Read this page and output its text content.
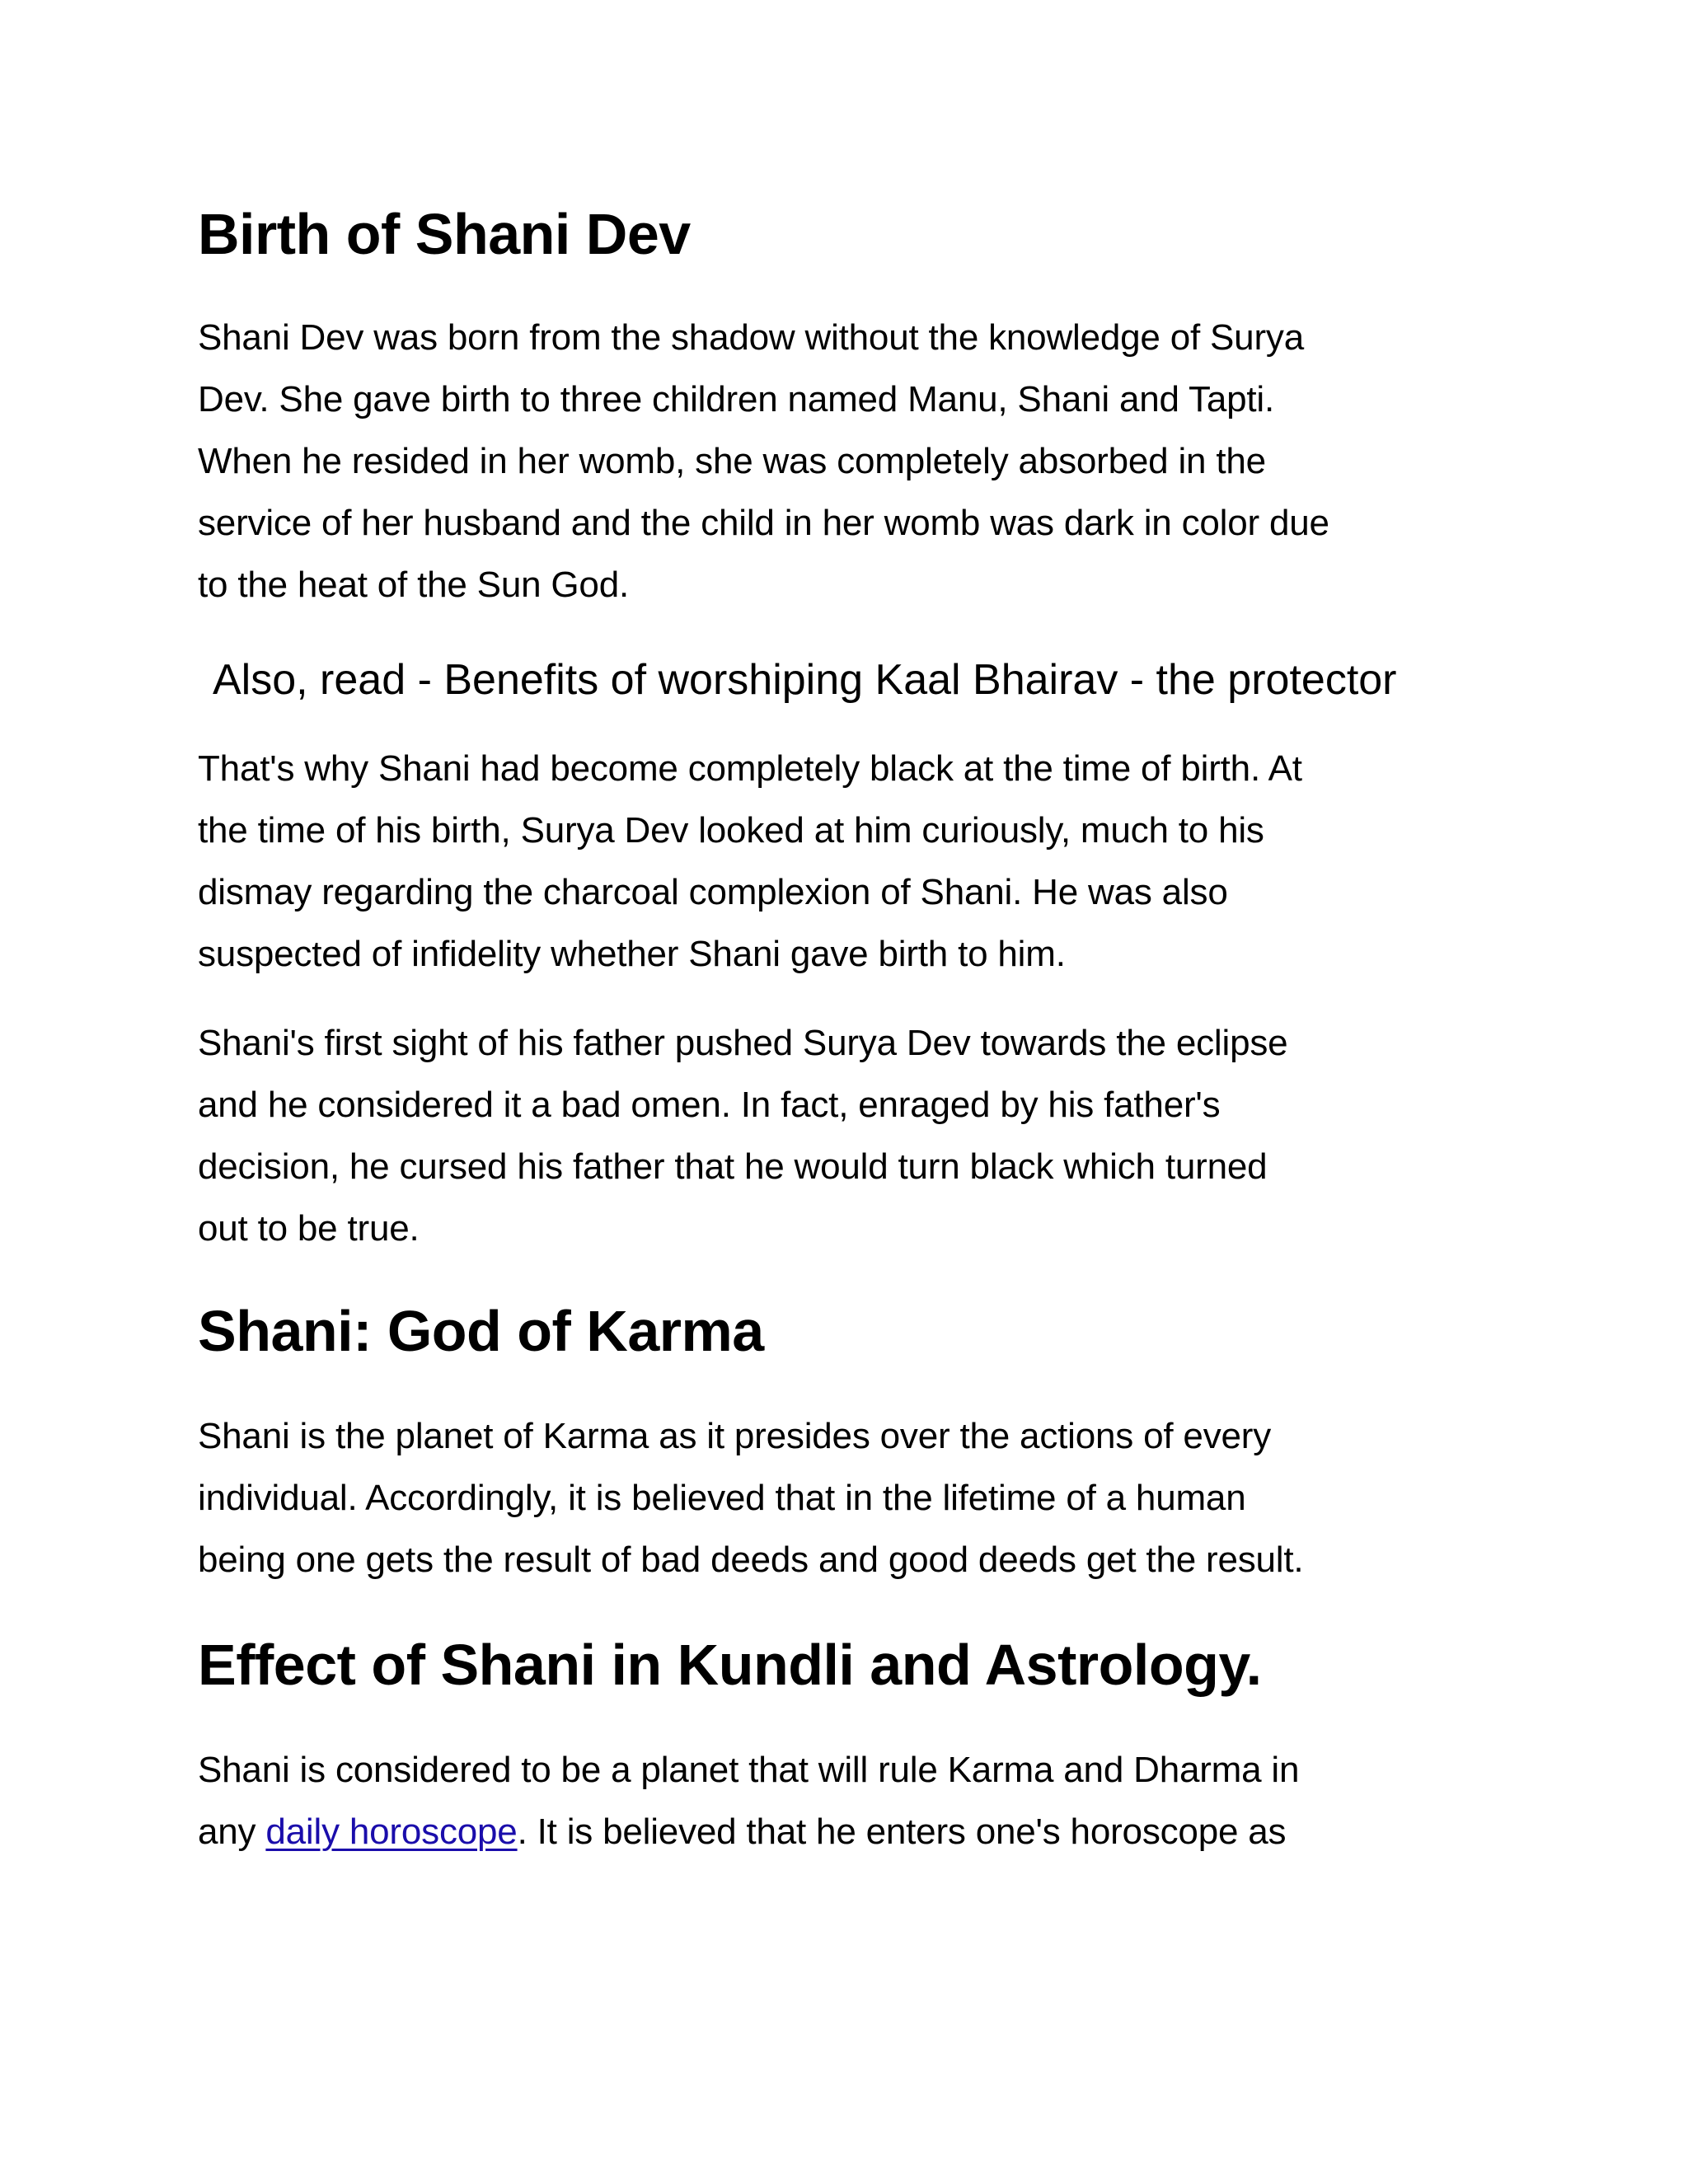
Birth of Shani Dev
Shani Dev was born from the shadow without the knowledge of Surya
Dev. She gave birth to three children named Manu, Shani and Tapti.
When he resided in her womb, she was completely absorbed in the
service of her husband and the child in her womb was dark in color due
to the heat of the Sun God.

Also, read - Benefits of worshiping Kaal Bhairav - the protector

That's why Shani had become completely black at the time of birth. At
the time of his birth, Surya Dev looked at him curiously, much to his
dismay regarding the charcoal complexion of Shani. He was also
suspected of infidelity whether Shani gave birth to him.
Shani's first sight of his father pushed Surya Dev towards the eclipse
and he considered it a bad omen. In fact, enraged by his father's
decision, he cursed his father that he would turn black which turned
out to be true.
Shani: God of Karma
Shani is the planet of Karma as it presides over the actions of every
individual. Accordingly, it is believed that in the lifetime of a human
being one gets the result of bad deeds and good deeds get the result.
Effect of Shani in Kundli and Astrology.
Shani is considered to be a planet that will rule Karma and Dharma in
any daily horoscope. It is believed that he enters one's horoscope as
